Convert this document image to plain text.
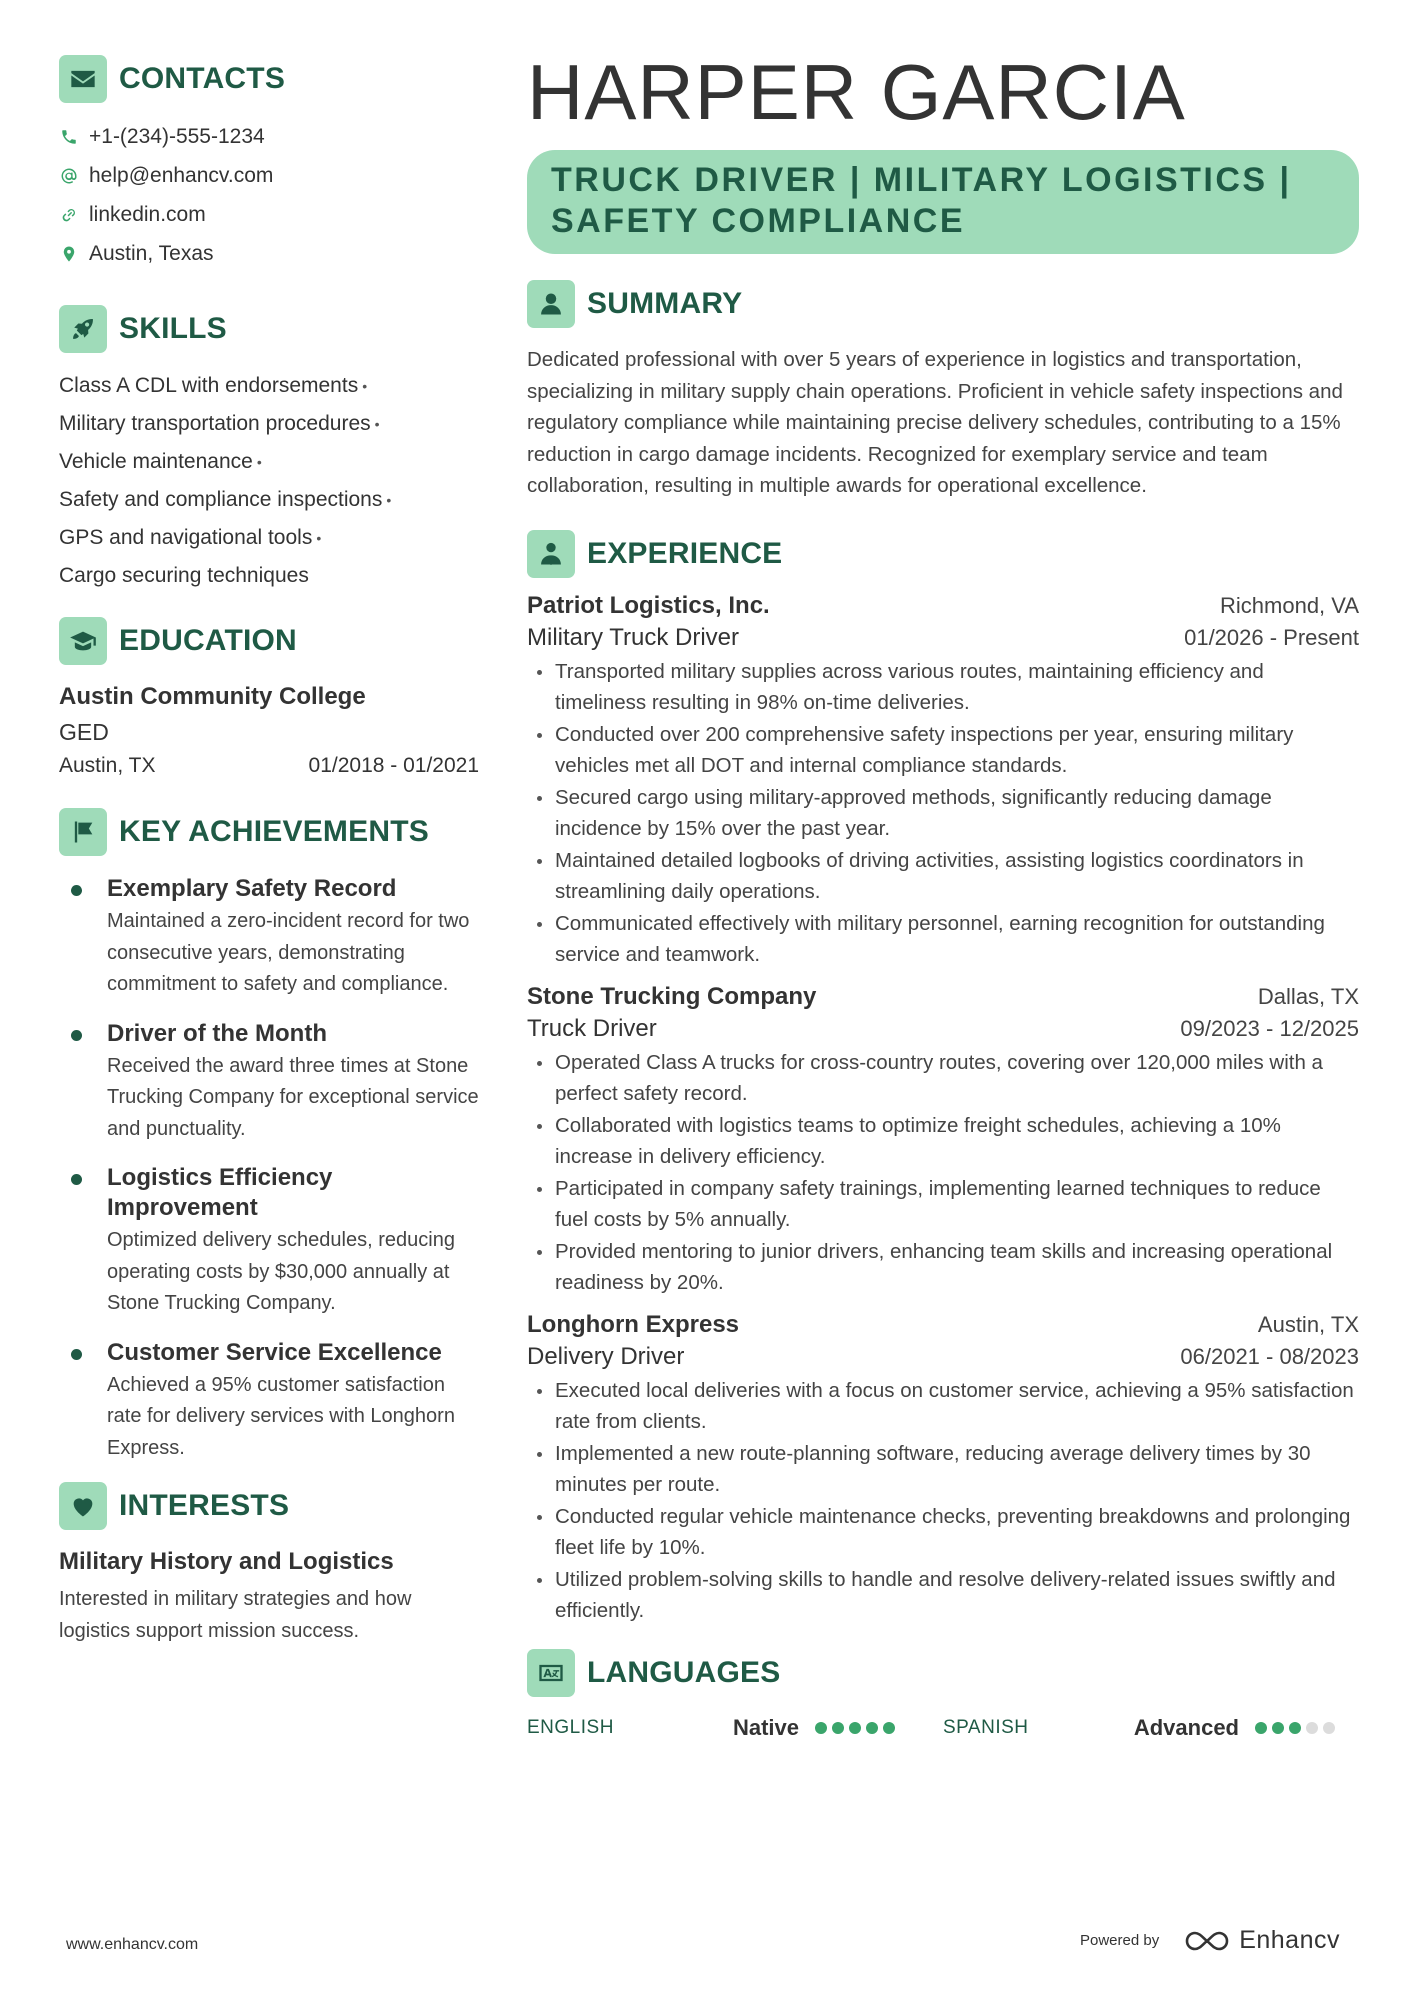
CONTACTS
+1-(234)-555-1234
help@enhancv.com
linkedin.com
Austin, Texas
SKILLS
Class A CDL with endorsements •
Military transportation procedures •
Vehicle maintenance •
Safety and compliance inspections •
GPS and navigational tools •
Cargo securing techniques
EDUCATION
Austin Community College
GED
Austin, TX	01/2018 - 01/2021
KEY ACHIEVEMENTS
Exemplary Safety Record
Maintained a zero-incident record for two consecutive years, demonstrating commitment to safety and compliance.
Driver of the Month
Received the award three times at Stone Trucking Company for exceptional service and punctuality.
Logistics Efficiency Improvement
Optimized delivery schedules, reducing operating costs by $30,000 annually at Stone Trucking Company.
Customer Service Excellence
Achieved a 95% customer satisfaction rate for delivery services with Longhorn Express.
INTERESTS
Military History and Logistics
Interested in military strategies and how logistics support mission success.
HARPER GARCIA
TRUCK DRIVER | MILITARY LOGISTICS | SAFETY COMPLIANCE
SUMMARY
Dedicated professional with over 5 years of experience in logistics and transportation, specializing in military supply chain operations. Proficient in vehicle safety inspections and regulatory compliance while maintaining precise delivery schedules, contributing to a 15% reduction in cargo damage incidents. Recognized for exemplary service and team collaboration, resulting in multiple awards for operational excellence.
EXPERIENCE
Patriot Logistics, Inc.	Richmond, VA
Military Truck Driver	01/2026 - Present
Transported military supplies across various routes, maintaining efficiency and timeliness resulting in 98% on-time deliveries.
Conducted over 200 comprehensive safety inspections per year, ensuring military vehicles met all DOT and internal compliance standards.
Secured cargo using military-approved methods, significantly reducing damage incidence by 15% over the past year.
Maintained detailed logbooks of driving activities, assisting logistics coordinators in streamlining daily operations.
Communicated effectively with military personnel, earning recognition for outstanding service and teamwork.
Stone Trucking Company	Dallas, TX
Truck Driver	09/2023 - 12/2025
Operated Class A trucks for cross-country routes, covering over 120,000 miles with a perfect safety record.
Collaborated with logistics teams to optimize freight schedules, achieving a 10% increase in delivery efficiency.
Participated in company safety trainings, implementing learned techniques to reduce fuel costs by 5% annually.
Provided mentoring to junior drivers, enhancing team skills and increasing operational readiness by 20%.
Longhorn Express	Austin, TX
Delivery Driver	06/2021 - 08/2023
Executed local deliveries with a focus on customer service, achieving a 95% satisfaction rate from clients.
Implemented a new route-planning software, reducing average delivery times by 30 minutes per route.
Conducted regular vehicle maintenance checks, preventing breakdowns and prolonging fleet life by 10%.
Utilized problem-solving skills to handle and resolve delivery-related issues swiftly and efficiently.
LANGUAGES
ENGLISH	Native	SPANISH	Advanced
www.enhancv.com	Powered by	Enhancv
